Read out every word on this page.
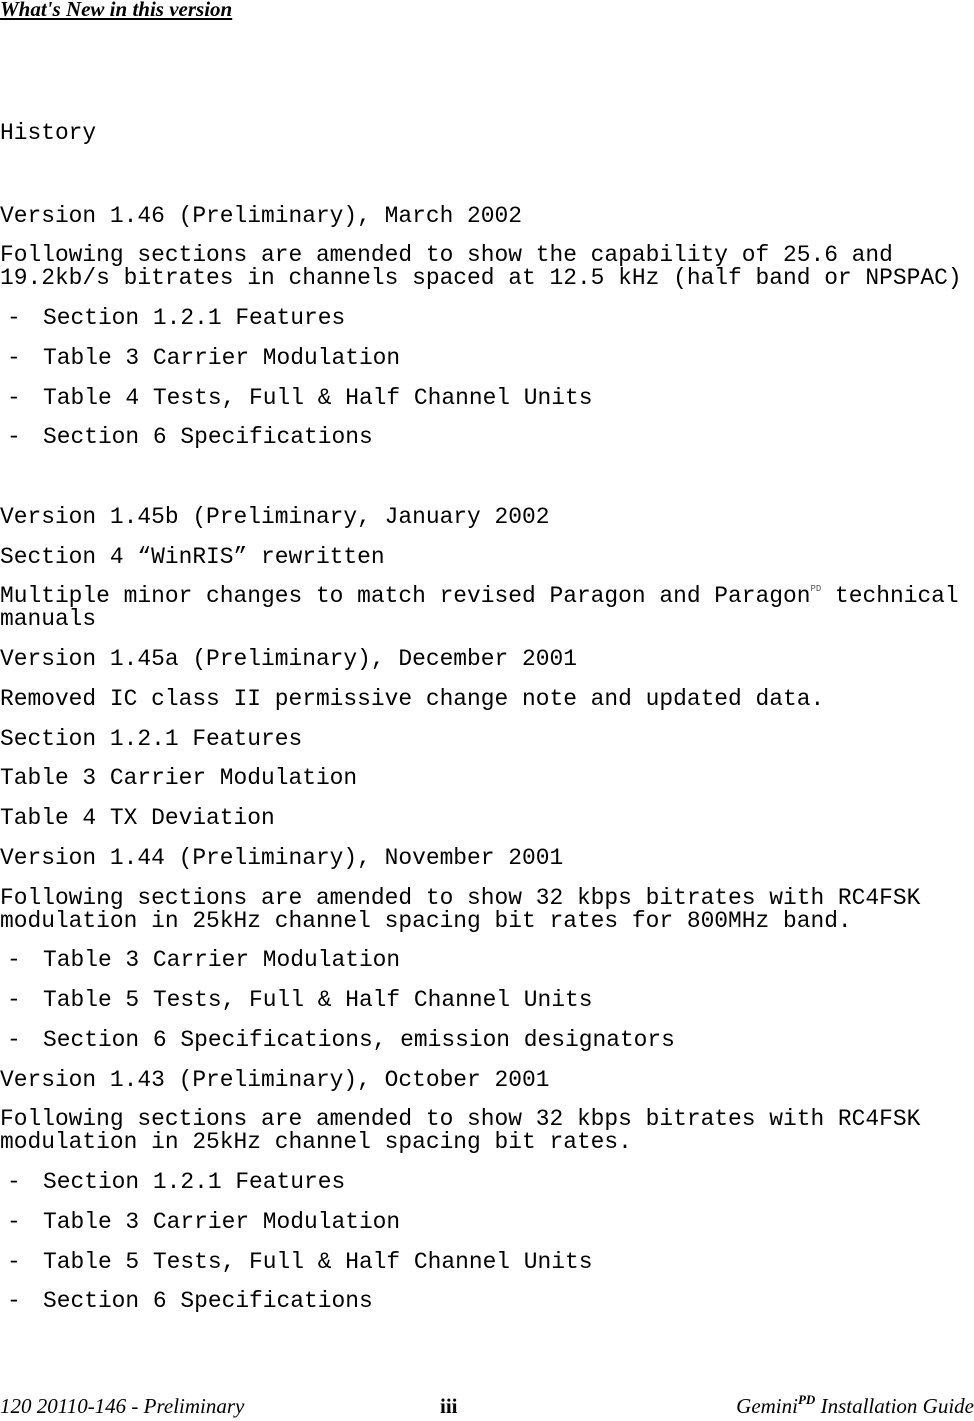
What's New in this version
History
Version 1.46 (Preliminary), March 2002
Following sections are amended to show the capability of 25.6 and
19.2kb/s bitrates in channels spaced at 12.5 kHz (half band or NPSPAC)
- Section 1.2.1 Features
- Table 3 Carrier Modulation
- Table 4 Tests, Full & Half Channel Units
- Section 6 Specifications
Version 1.45b (Preliminary, January 2002
Section 4 “WinRIS” rewritten
Multiple minor changes to match revised Paragon and Paragon$^{PD}$ technical
manuals
Version 1.45a (Preliminary), December 2001
Removed IC class II permissive change note and updated data.
Section 1.2.1 Features
Table 3 Carrier Modulation
Table 4 TX Deviation
Version 1.44 (Preliminary), November 2001
Following sections are amended to show 32 kbps bitrates with RC4FSK
modulation in 25kHz channel spacing bit rates for 800MHz band.
- Table 3 Carrier Modulation
- Table 5 Tests, Full & Half Channel Units
- Section 6 Specifications, emission designators
Version 1.43 (Preliminary), October 2001
Following sections are amended to show 32 kbps bitrates with RC4FSK
modulation in 25kHz channel spacing bit rates.
- Section 1.2.1 Features
- Table 3 Carrier Modulation
- Table 5 Tests, Full & Half Channel Units
- Section 6 Specifications
120 20110-146 - Preliminary	iii	Gemini$^{PD}$ Installation Guide
